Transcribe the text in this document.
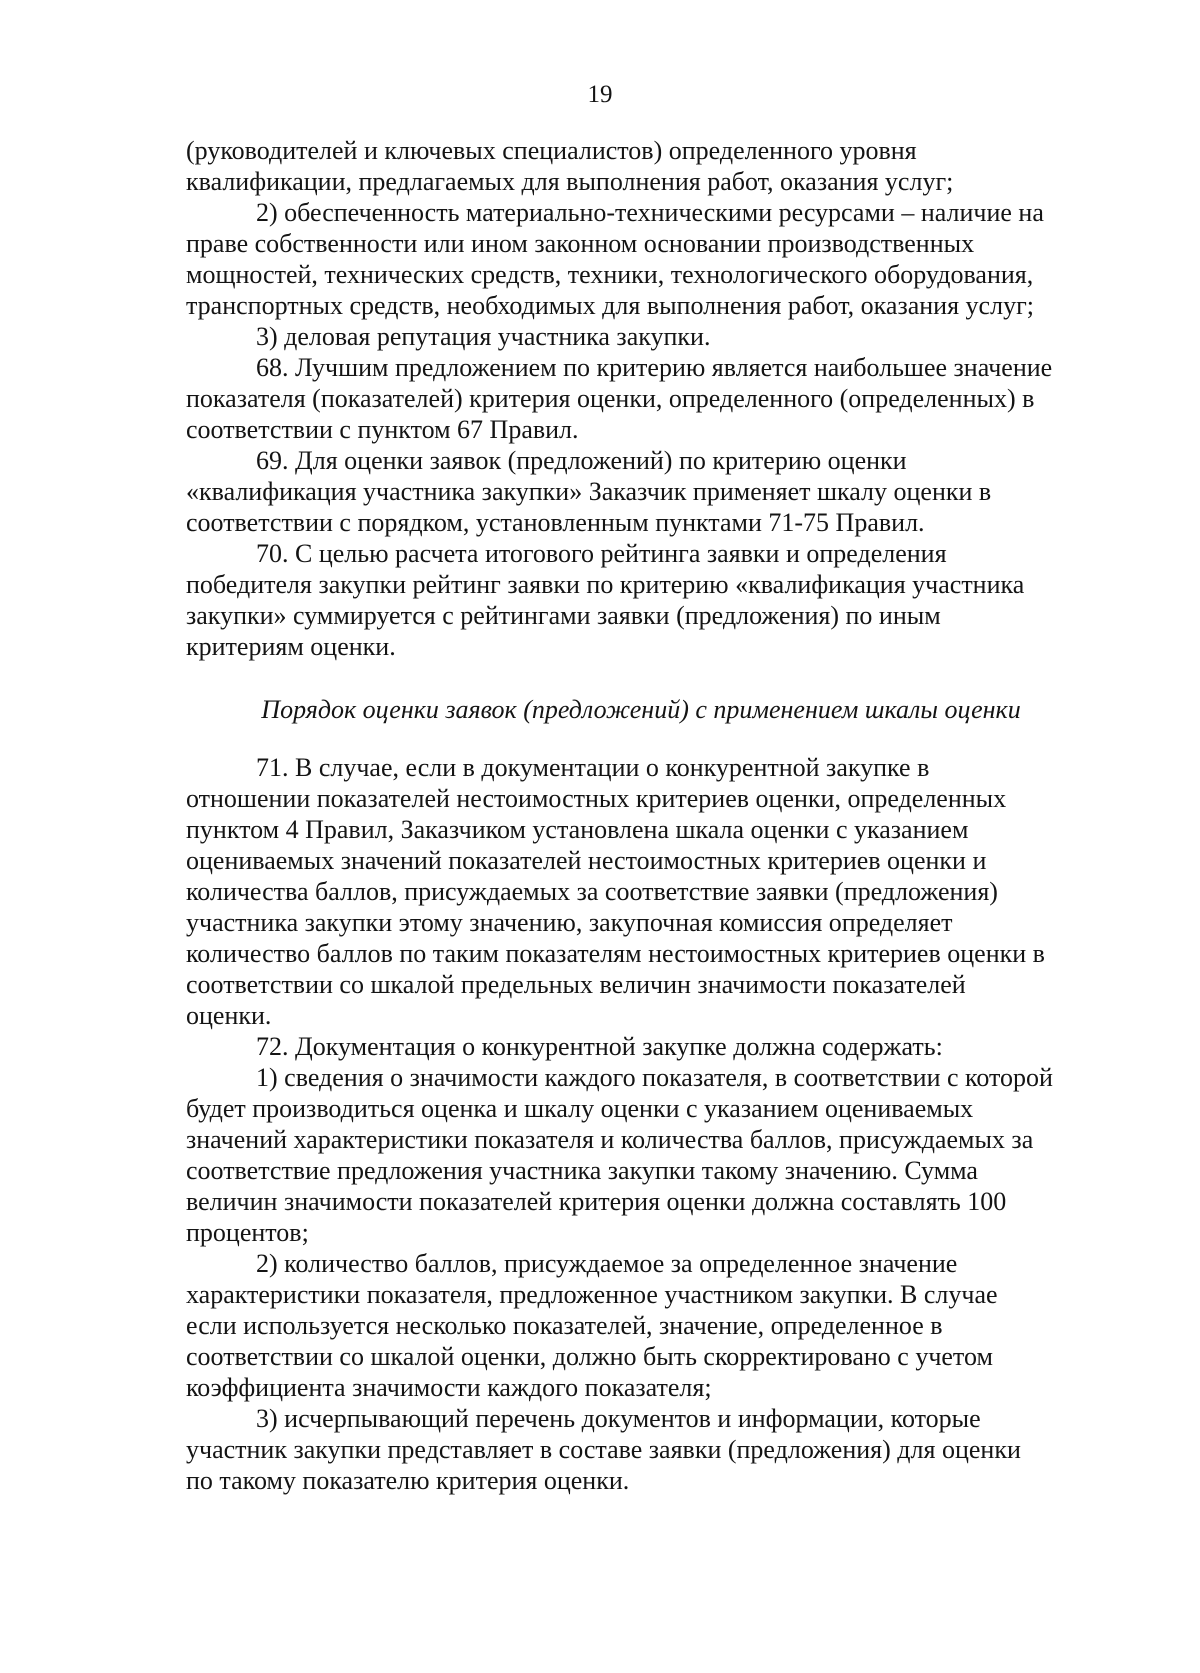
19

(руководителей и ключевых специалистов) определенного уровня
квалификации, предлагаемых для выполнения работ, оказания услуг;

2) обеспеченность материально-техническими ресурсами – наличие на
праве собственности или ином законном основании производственных
мощностей, технических средств, техники, технологического оборудования,
транспортных средств, необходимых для выполнения работ, оказания услуг;

3) деловая репутация участника закупки.

68. Лучшим предложением по критерию является наибольшее значение
показателя (показателей) критерия оценки, определенного (определенных) в
соответствии с пунктом 67 Правил.

69. Для оценки заявок (предложений) по критерию оценки
«квалификация участника закупки» Заказчик применяет шкалу оценки в
соответствии с порядком, установленным пунктами 71-75 Правил.

70. С целью расчета итогового рейтинга заявки и определения
победителя закупки рейтинг заявки по критерию «квалификация участника
закупки» суммируется с рейтингами заявки (предложения) по иным
критериям оценки.

Порядок оценки заявок (предложений) с применением шкалы оценки

71. В случае, если в документации о конкурентной закупке в
отношении показателей нестоимостных критериев оценки, определенных
пунктом 4 Правил, Заказчиком установлена шкала оценки с указанием
оцениваемых значений показателей нестоимостных критериев оценки и
количества баллов, присуждаемых за соответствие заявки (предложения)
участника закупки этому значению, закупочная комиссия определяет
количество баллов по таким показателям нестоимостных критериев оценки в
соответствии со шкалой предельных величин значимости показателей
оценки.

72. Документация о конкурентной закупке должна содержать:

1) сведения о значимости каждого показателя, в соответствии с которой
будет производиться оценка и шкалу оценки с указанием оцениваемых
значений характеристики показателя и количества баллов, присуждаемых за
соответствие предложения участника закупки такому значению. Сумма
величин значимости показателей критерия оценки должна составлять 100
процентов;

2) количество баллов, присуждаемое за определенное значение
характеристики показателя, предложенное участником закупки. В случае
если используется несколько показателей, значение, определенное в
соответствии со шкалой оценки, должно быть скорректировано с учетом
коэффициента значимости каждого показателя;

3) исчерпывающий перечень документов и информации, которые
участник закупки представляет в составе заявки (предложения) для оценки
по такому показателю критерия оценки.
